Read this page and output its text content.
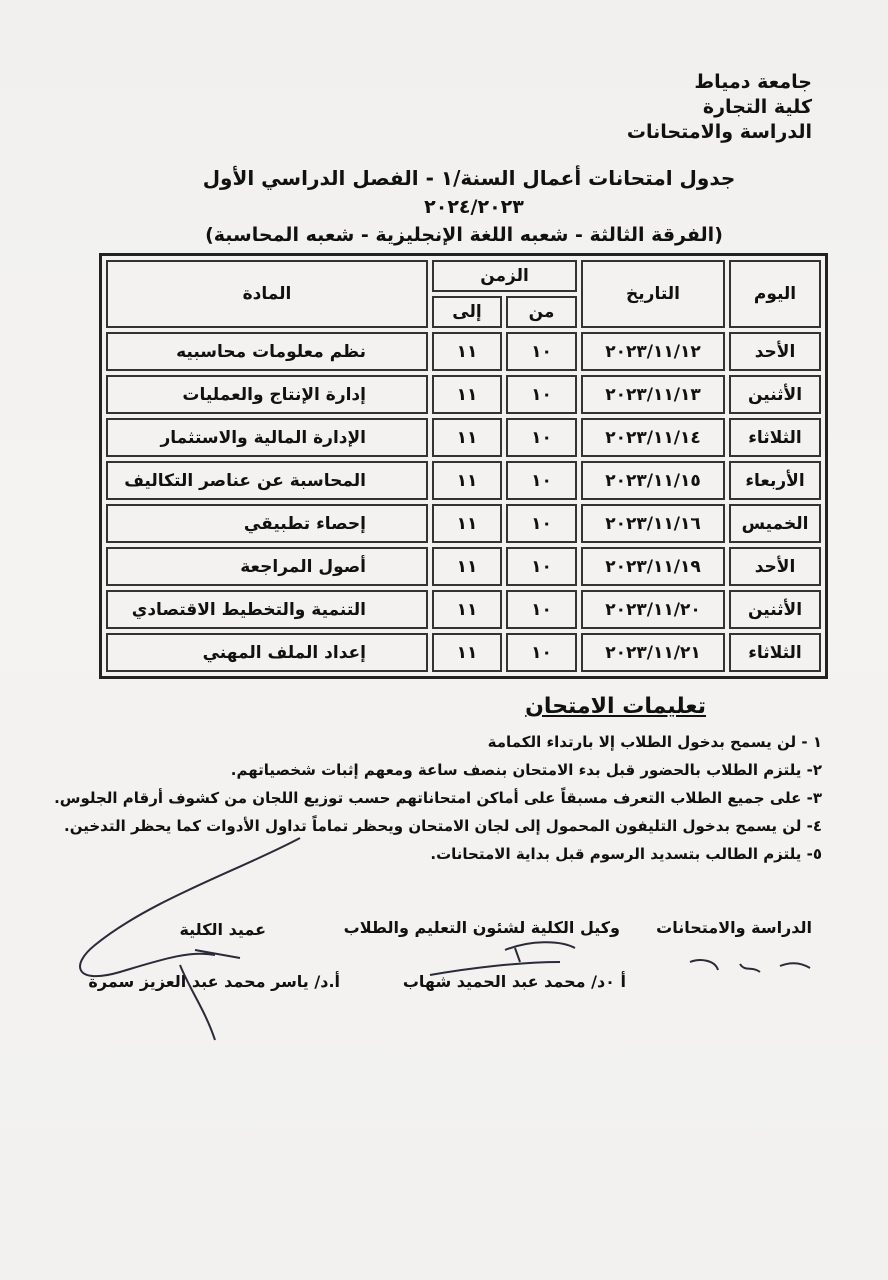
جامعة دمياط
كلية التجارة
الدراسة والامتحانات
جدول امتحانات أعمال السنة/١ - الفصل الدراسي الأول
٢٠٢٤/٢٠٢٣
(الفرقة الثالثة - شعبه اللغة الإنجليزية - شعبه المحاسبة)
اليوم	التاريخ	الزمن		المادة
		من	إلى	
الأحد	٢٠٢٣/١١/١٢	١٠	١١	نظم معلومات محاسبيه
الأثنين	٢٠٢٣/١١/١٣	١٠	١١	إدارة الإنتاج والعمليات
الثلاثاء	٢٠٢٣/١١/١٤	١٠	١١	الإدارة المالية والاستثمار
الأربعاء	٢٠٢٣/١١/١٥	١٠	١١	المحاسبة عن عناصر التكاليف
الخميس	٢٠٢٣/١١/١٦	١٠	١١	إحصاء تطبيقي
الأحد	٢٠٢٣/١١/١٩	١٠	١١	أصول المراجعة
الأثنين	٢٠٢٣/١١/٢٠	١٠	١١	التنمية والتخطيط الاقتصادي
الثلاثاء	٢٠٢٣/١١/٢١	١٠	١١	إعداد الملف المهني
تعليمات الامتحان
١ - لن يسمح بدخول الطلاب إلا بارتداء الكمامة
٢- يلتزم الطلاب بالحضور قبل بدء الامتحان بنصف ساعة ومعهم إثبات شخصياتهم.
٣- على جميع الطلاب التعرف مسبقاً على أماكن امتحاناتهم حسب توزيع اللجان من كشوف أرقام الجلوس.
٤- لن يسمح بدخول التليفون المحمول إلى لجان الامتحان ويحظر تماماً تداول الأدوات كما يحظر التدخين.
٥- يلتزم الطالب بتسديد الرسوم قبل بداية الامتحانات.
الدراسة والامتحانات
وكيل الكلية لشئون التعليم والطلاب
أ ٠د/ محمد عبد الحميد شهاب
عميد الكلية
أ.د/ ياسر محمد عبد العزيز سمرة
